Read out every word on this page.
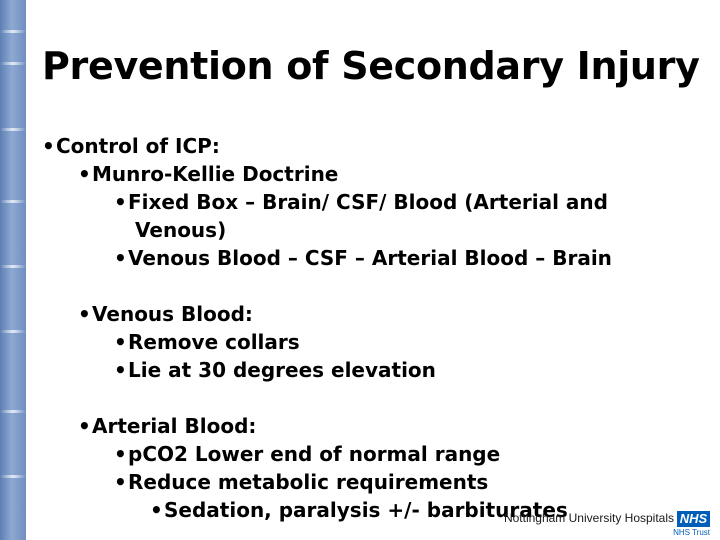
Prevention of Secondary Injury
•Control of ICP:
•Munro-Kellie Doctrine
•Fixed Box – Brain/ CSF/ Blood (Arterial and
Venous)
•Venous Blood – CSF – Arterial Blood – Brain
•Venous Blood:
•Remove collars
•Lie at 30 degrees elevation
•Arterial Blood:
•pCO2 Lower end of normal range
•Reduce metabolic requirements
•Sedation, paralysis +/- barbiturates
Nottingham University Hospitals NHS
NHS Trust
